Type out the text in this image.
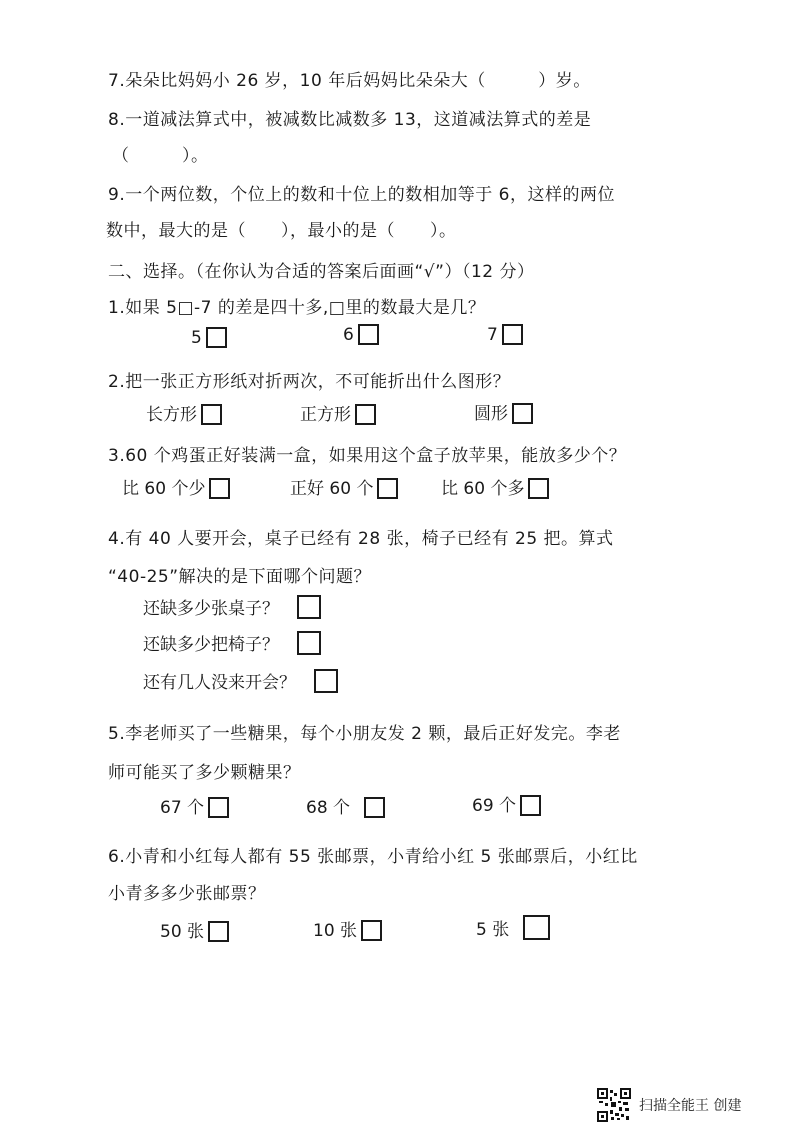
7.朵朵比妈妈小 26 岁，10 年后妈妈比朵朵大（　　　）岁。
8.一道减法算式中，被减数比减数多 13，这道减法算式的差是
（　　　）。
9.一个两位数，个位上的数和十位上的数相加等于 6，这样的两位
数中，最大的是（　　），最小的是（　　）。
二、选择。（在你认为合适的答案后面画“√”）（12 分）
1.如果 5□-7 的差是四十多,□里的数最大是几？
5	6	7
2.把一张正方形纸对折两次，不可能折出什么图形？
长方形	正方形	圆形
3.60 个鸡蛋正好装满一盒，如果用这个盒子放苹果，能放多少个？
比 60 个少	正好 60 个	比 60 个多
4.有 40 人要开会，桌子已经有 28 张，椅子已经有 25 把。算式
“40-25”解决的是下面哪个问题？
还缺多少张桌子？
还缺多少把椅子？
还有几人没来开会？
5.李老师买了一些糖果，每个小朋友发 2 颗，最后正好发完。李老
师可能买了多少颗糖果？
67 个	68 个	69 个
6.小青和小红每人都有 55 张邮票，小青给小红 5 张邮票后，小红比
小青多多少张邮票？
50 张	10 张	5 张
扫描全能王 创建
